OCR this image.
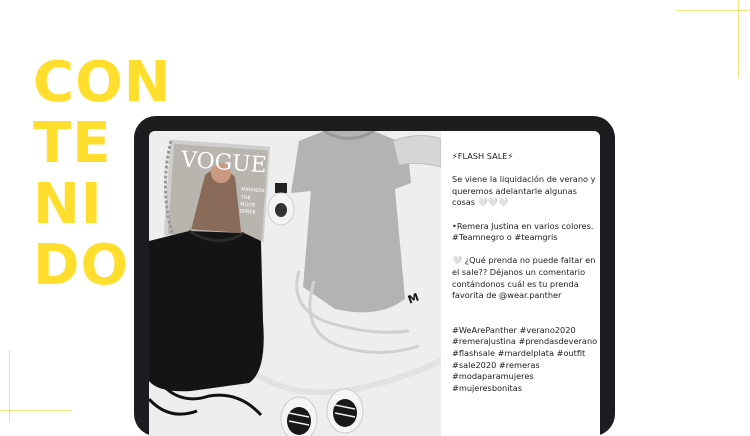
CON
TE
NI
DO
VOGUE
MIRANDA
THE
MODE
SPREE
M

⚡FLASH SALE⚡

Se viene la liquidación de verano y queremos adelantarle algunas cosas 🤍🤍🤍

•Remera Justina en varios colores. #Teamnegro o #teamgris

🤍 ¿Qué prenda no puede faltar en el sale?? Déjanos un comentario contándonos cuál es tu prenda favorita de @wear.panther

#WeArePanther #verano2020
#remerajustina #prendasdeverano
#flashsale #mardelplata #outfit
#sale2020 #remeras
#modaparamujeres
#mujeresbonitas
